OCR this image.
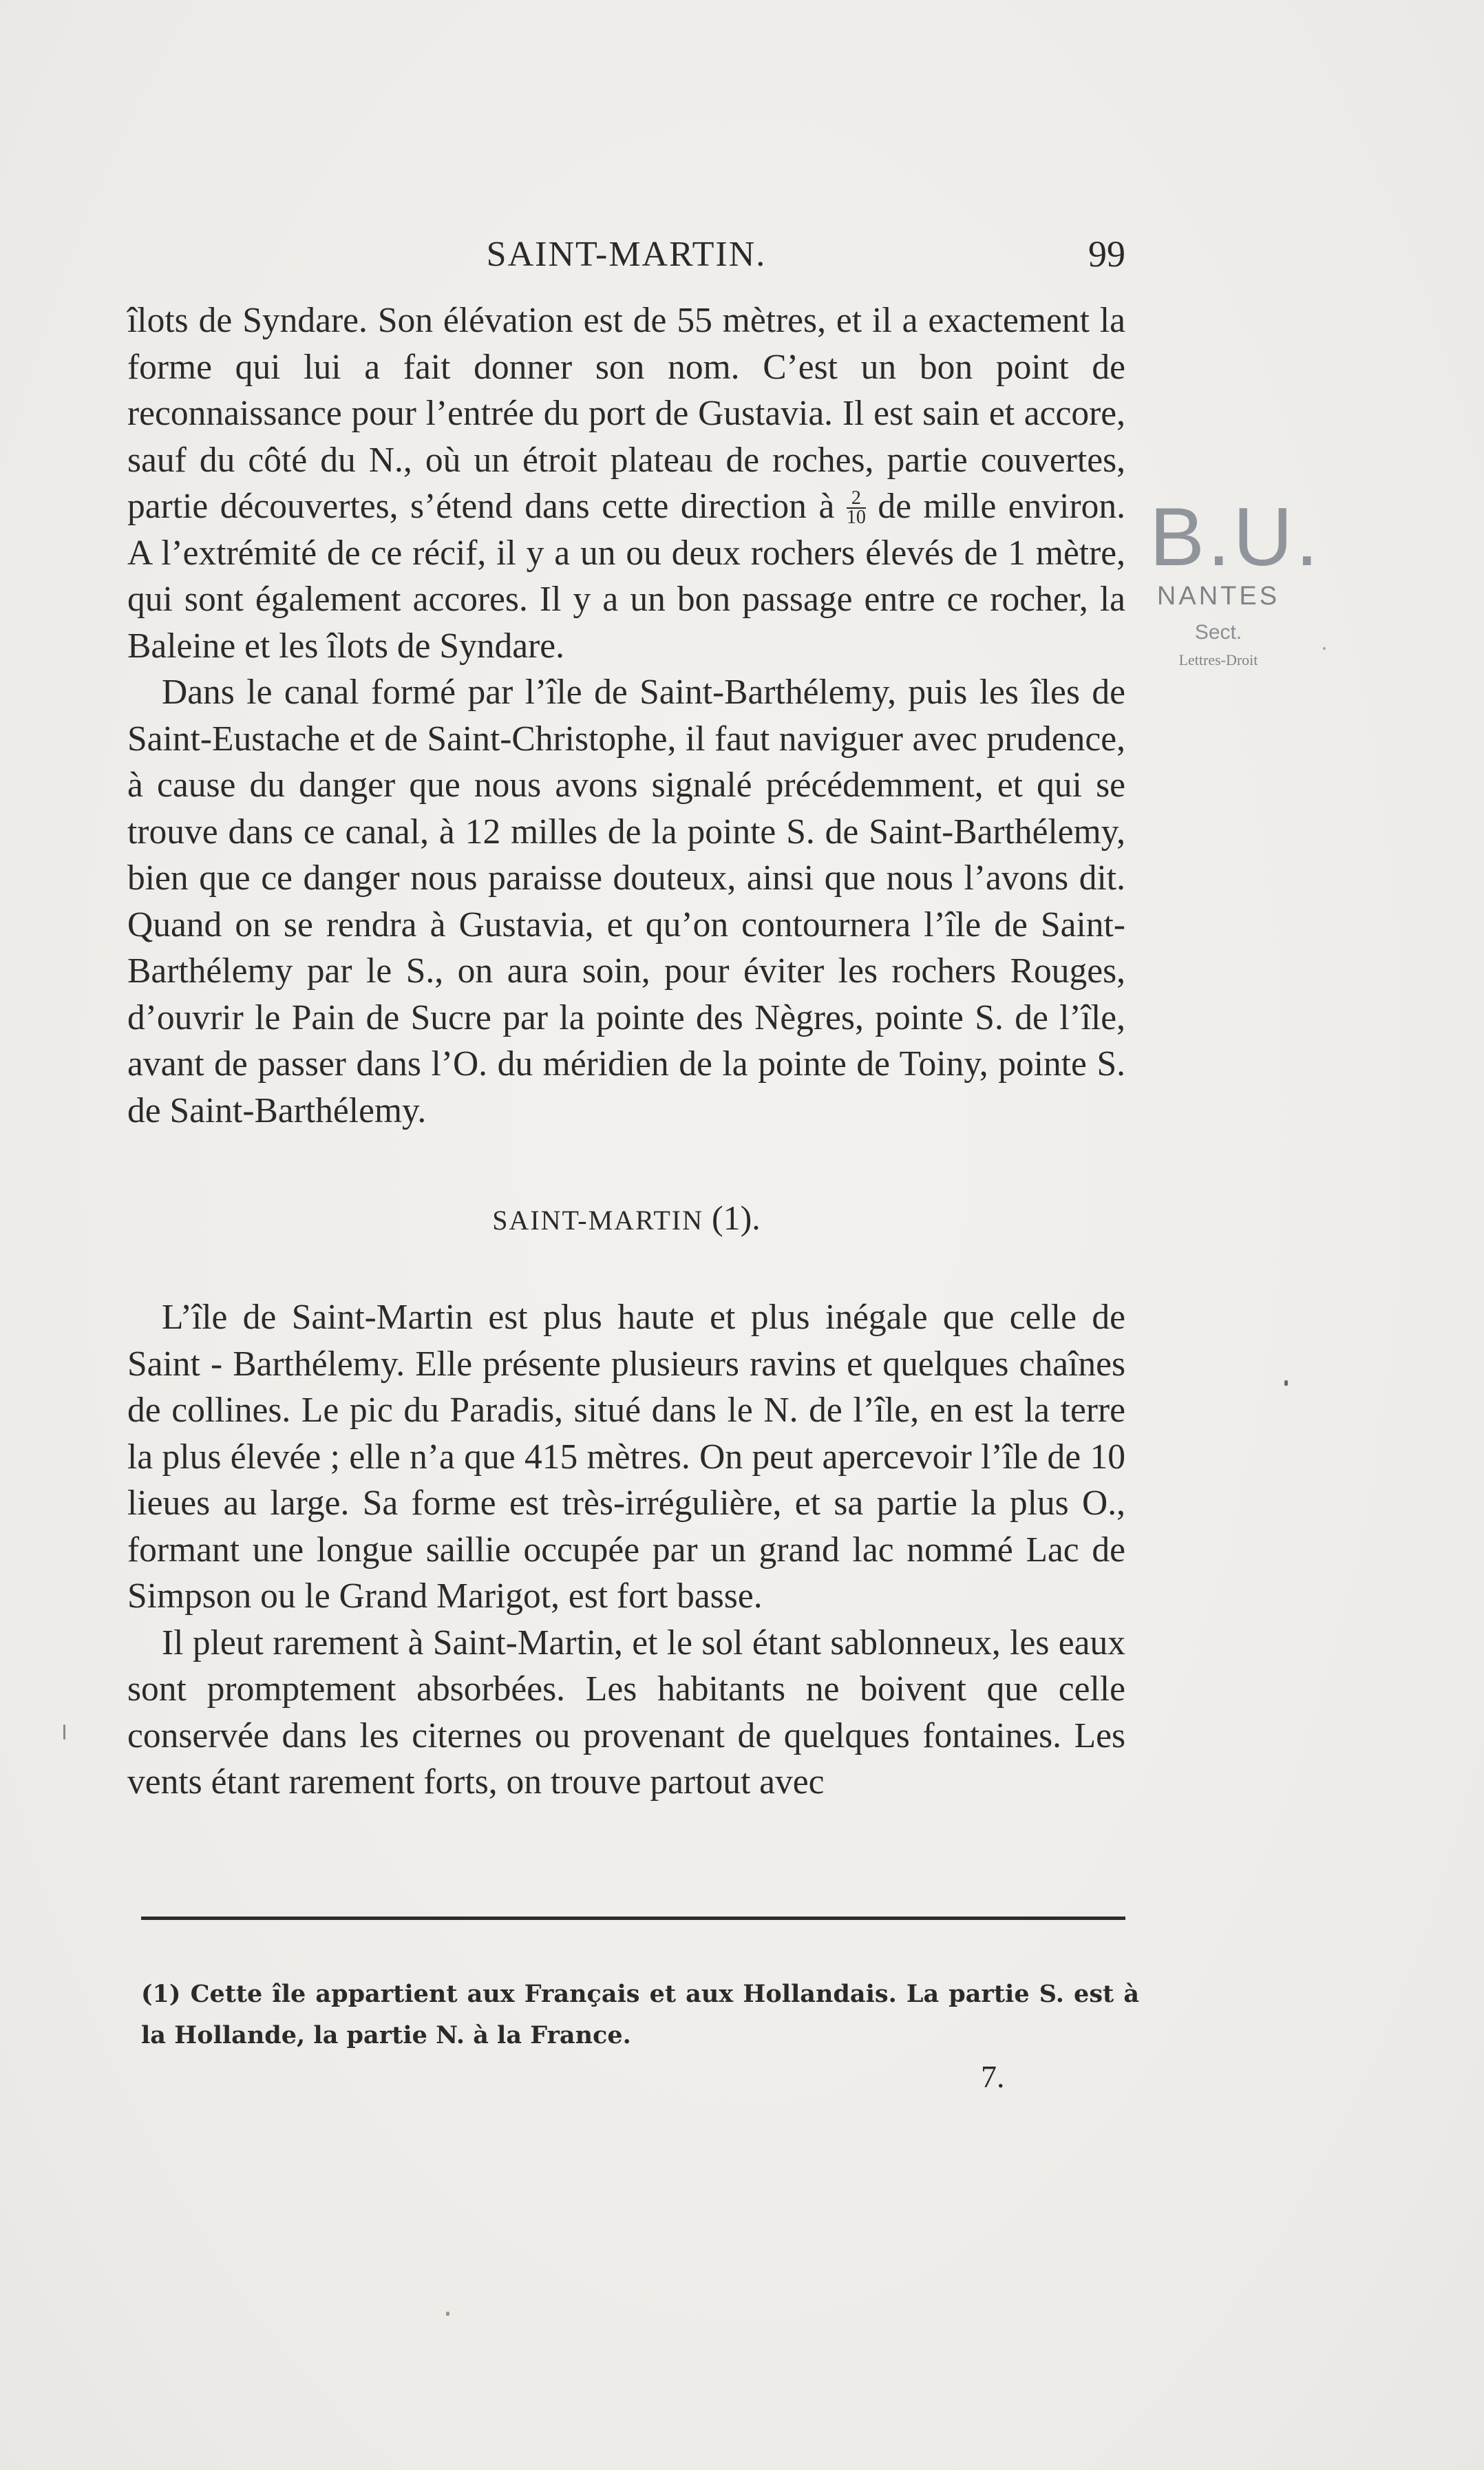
SAINT-MARTIN.	99

îlots de Syndare. Son élévation est de 55 mètres, et il a exactement la forme qui lui a fait donner son nom. C’est un bon point de reconnaissance pour l’entrée du port de Gustavia. Il est sain et accore, sauf du côté du N., où un étroit plateau de roches, partie couvertes, partie découvertes, s’étend dans cette direction à $\frac{2}{10}$ de mille environ. A l’extrémité de ce récif, il y a un ou deux rochers élevés de 1 mètre, qui sont également accores. Il y a un bon passage entre ce rocher, la Baleine et les îlots de Syndare.

Dans le canal formé par l’île de Saint-Barthélemy, puis les îles de Saint-Eustache et de Saint-Christophe, il faut naviguer avec prudence, à cause du danger que nous avons signalé précédemment, et qui se trouve dans ce canal, à 12 milles de la pointe S. de Saint-Barthélemy, bien que ce danger nous paraisse douteux, ainsi que nous l’avons dit. Quand on se rendra à Gustavia, et qu’on contournera l’île de Saint-Barthélemy par le S., on aura soin, pour éviter les rochers Rouges, d’ouvrir le Pain de Sucre par la pointe des Nègres, pointe S. de l’île, avant de passer dans l’O. du méridien de la pointe de Toiny, pointe S. de Saint-Barthélemy.

SAINT-MARTIN (1).

L’île de Saint-Martin est plus haute et plus inégale que celle de Saint - Barthélemy. Elle présente plusieurs ravins et quelques chaînes de collines. Le pic du Paradis, situé dans le N. de l’île, en est la terre la plus élevée ; elle n’a que 415 mètres. On peut apercevoir l’île de 10 lieues au large. Sa forme est très-irrégulière, et sa partie la plus O., formant une longue saillie occupée par un grand lac nommé Lac de Simpson ou le Grand Marigot, est fort basse.

Il pleut rarement à Saint-Martin, et le sol étant sablonneux, les eaux sont promptement absorbées. Les habitants ne boivent que celle conservée dans les citernes ou provenant de quelques fontaines. Les vents étant rarement forts, on trouve partout avec

(1) Cette île appartient aux Français et aux Hollandais. La partie S. est à la Hollande, la partie N. à la France.
7.
B.U.
NANTES
Sect.
Lettres-Droit
